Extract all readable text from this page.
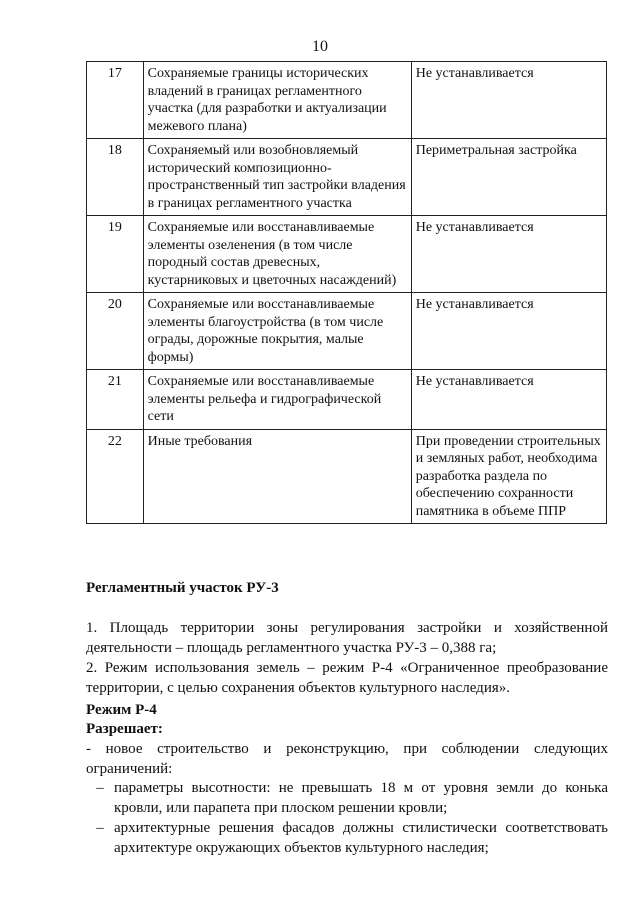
10
17	Сохраняемые границы исторических владений в границах регламентного участка (для разработки и актуализации межевого плана)	Не устанавливается
18	Сохраняемый или возобновляемый исторический композиционно-пространственный тип застройки владения в границах регламентного участка	Периметральная застройка
19	Сохраняемые или восстанавливаемые элементы озеленения (в том числе породный состав древесных, кустарниковых и цветочных насаждений)	Не устанавливается
20	Сохраняемые или восстанавливаемые элементы благоустройства (в том числе ограды, дорожные покрытия, малые формы)	Не устанавливается
21	Сохраняемые или восстанавливаемые элементы рельефа и гидрографической сети	Не устанавливается
22	Иные требования	При проведении строительных и земляных работ, необходима разработка раздела по обеспечению сохранности памятника в объеме ППР
Регламентный участок РУ-3
1. Площадь территории зоны регулирования застройки и хозяйственной деятельности – площадь регламентного участка РУ-3 – 0,388 га;
2. Режим использования земель – режим Р-4 «Ограниченное преобразование территории, с целью сохранения объектов культурного наследия».
Режим Р-4
Разрешает:
- новое строительство и реконструкцию, при соблюдении следующих ограничений:
– параметры высотности: не превышать 18 м от уровня земли до конька кровли, или парапета при плоском решении кровли;
– архитектурные решения фасадов должны стилистически соответствовать архитектуре окружающих объектов культурного наследия;
